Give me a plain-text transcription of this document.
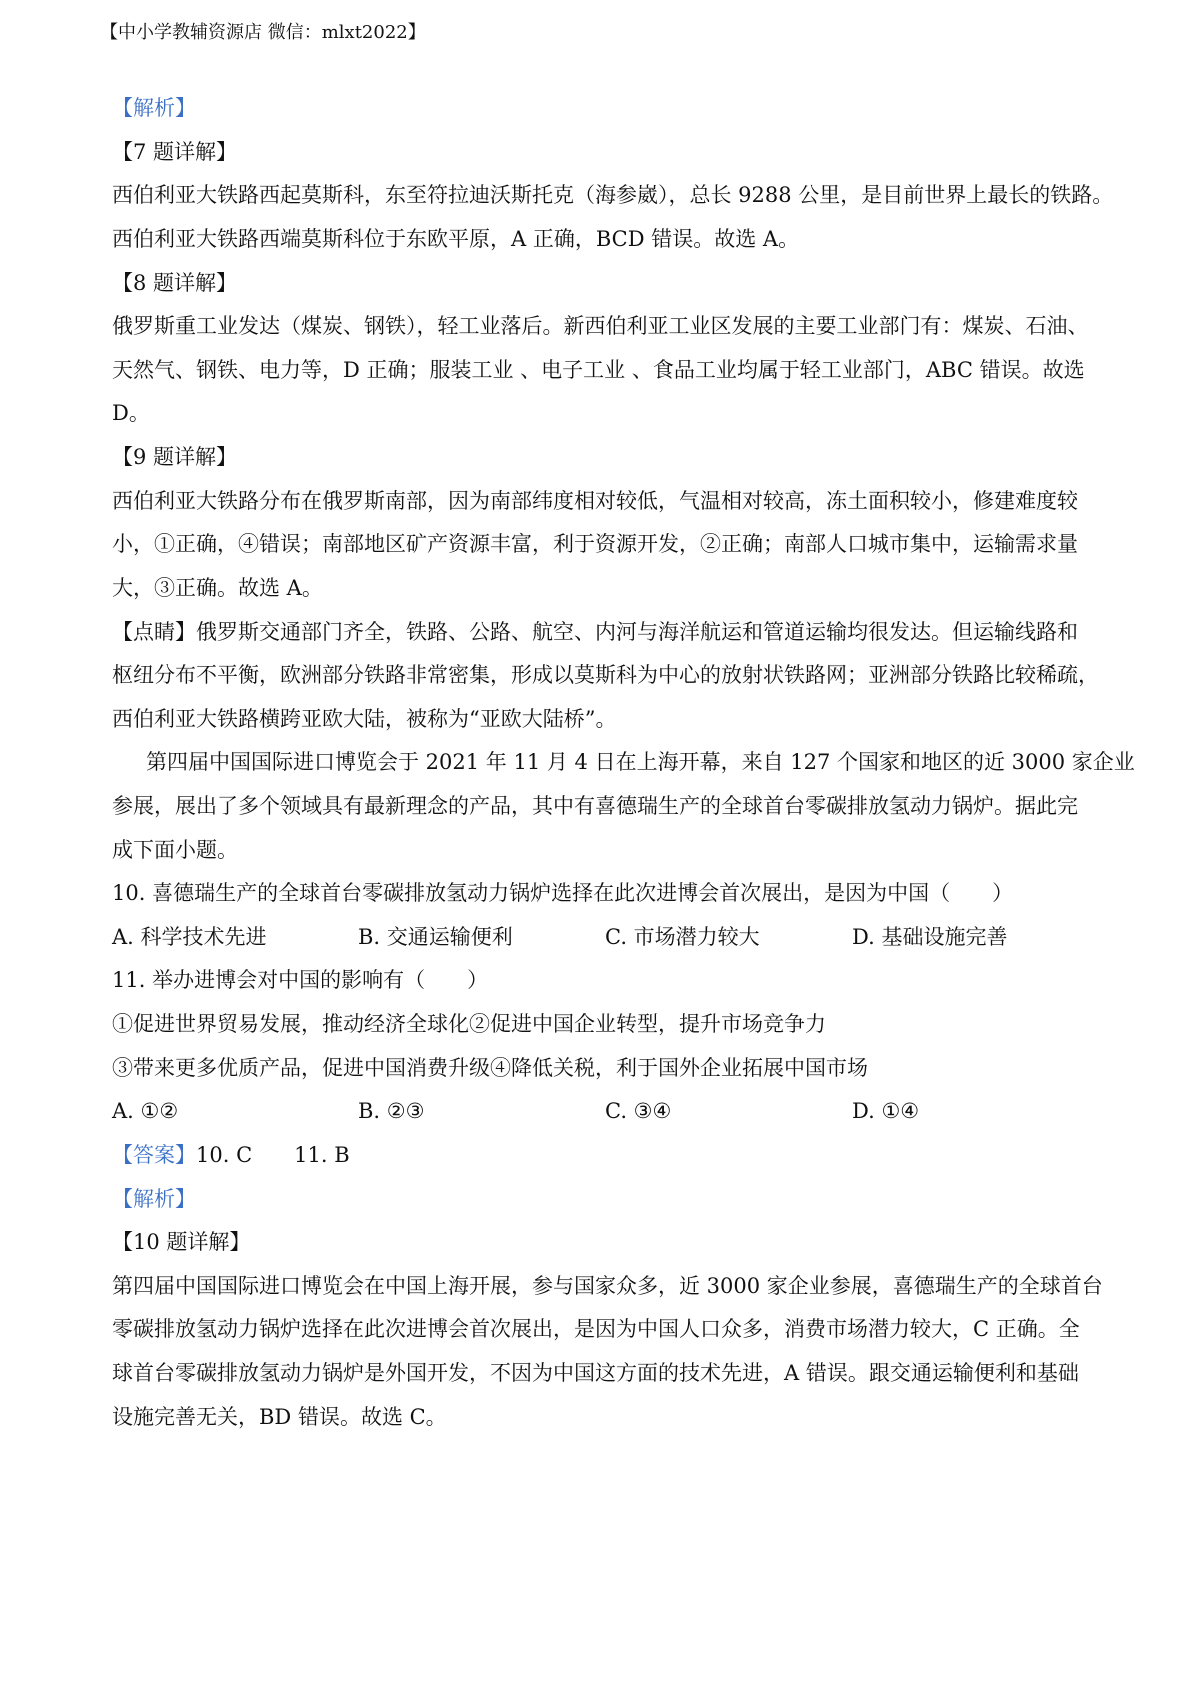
【中小学教辅资源店 微信：mlxt2022】
【解析】
【7 题详解】
西伯利亚大铁路西起莫斯科，东至符拉迪沃斯托克（海参崴），总长 9288 公里，是目前世界上最长的铁路。
西伯利亚大铁路西端莫斯科位于东欧平原，A 正确，BCD 错误。故选 A。
【8 题详解】
俄罗斯重工业发达（煤炭、钢铁），轻工业落后。新西伯利亚工业区发展的主要工业部门有：煤炭、石油、
天然气、钢铁、电力等，D 正确；服装工业 、电子工业 、食品工业均属于轻工业部门，ABC 错误。故选
D。
【9 题详解】
西伯利亚大铁路分布在俄罗斯南部，因为南部纬度相对较低，气温相对较高，冻土面积较小，修建难度较
小，①正确，④错误；南部地区矿产资源丰富，利于资源开发，②正确；南部人口城市集中，运输需求量
大，③正确。故选 A。
【点睛】俄罗斯交通部门齐全，铁路、公路、航空、内河与海洋航运和管道运输均很发达。但运输线路和
枢纽分布不平衡，欧洲部分铁路非常密集，形成以莫斯科为中心的放射状铁路网；亚洲部分铁路比较稀疏，
西伯利亚大铁路横跨亚欧大陆，被称为“亚欧大陆桥”。
第四届中国国际进口博览会于 2021 年 11 月 4 日在上海开幕，来自 127 个国家和地区的近 3000 家企业
参展，展出了多个领域具有最新理念的产品，其中有喜德瑞生产的全球首台零碳排放氢动力锅炉。据此完
成下面小题。
10. 喜德瑞生产的全球首台零碳排放氢动力锅炉选择在此次进博会首次展出，是因为中国（　　）
A. 科学技术先进	B. 交通运输便利	C. 市场潜力较大	D. 基础设施完善
11. 举办进博会对中国的影响有（　　）
①促进世界贸易发展，推动经济全球化②促进中国企业转型，提升市场竞争力
③带来更多优质产品，促进中国消费升级④降低关税，利于国外企业拓展中国市场
A. ①②	B. ②③	C. ③④	D. ①④
【答案】10. C　　11. B
【解析】
【10 题详解】
第四届中国国际进口博览会在中国上海开展，参与国家众多，近 3000 家企业参展，喜德瑞生产的全球首台
零碳排放氢动力锅炉选择在此次进博会首次展出，是因为中国人口众多，消费市场潜力较大，C 正确。全
球首台零碳排放氢动力锅炉是外国开发，不因为中国这方面的技术先进，A 错误。跟交通运输便利和基础
设施完善无关，BD 错误。故选 C。
